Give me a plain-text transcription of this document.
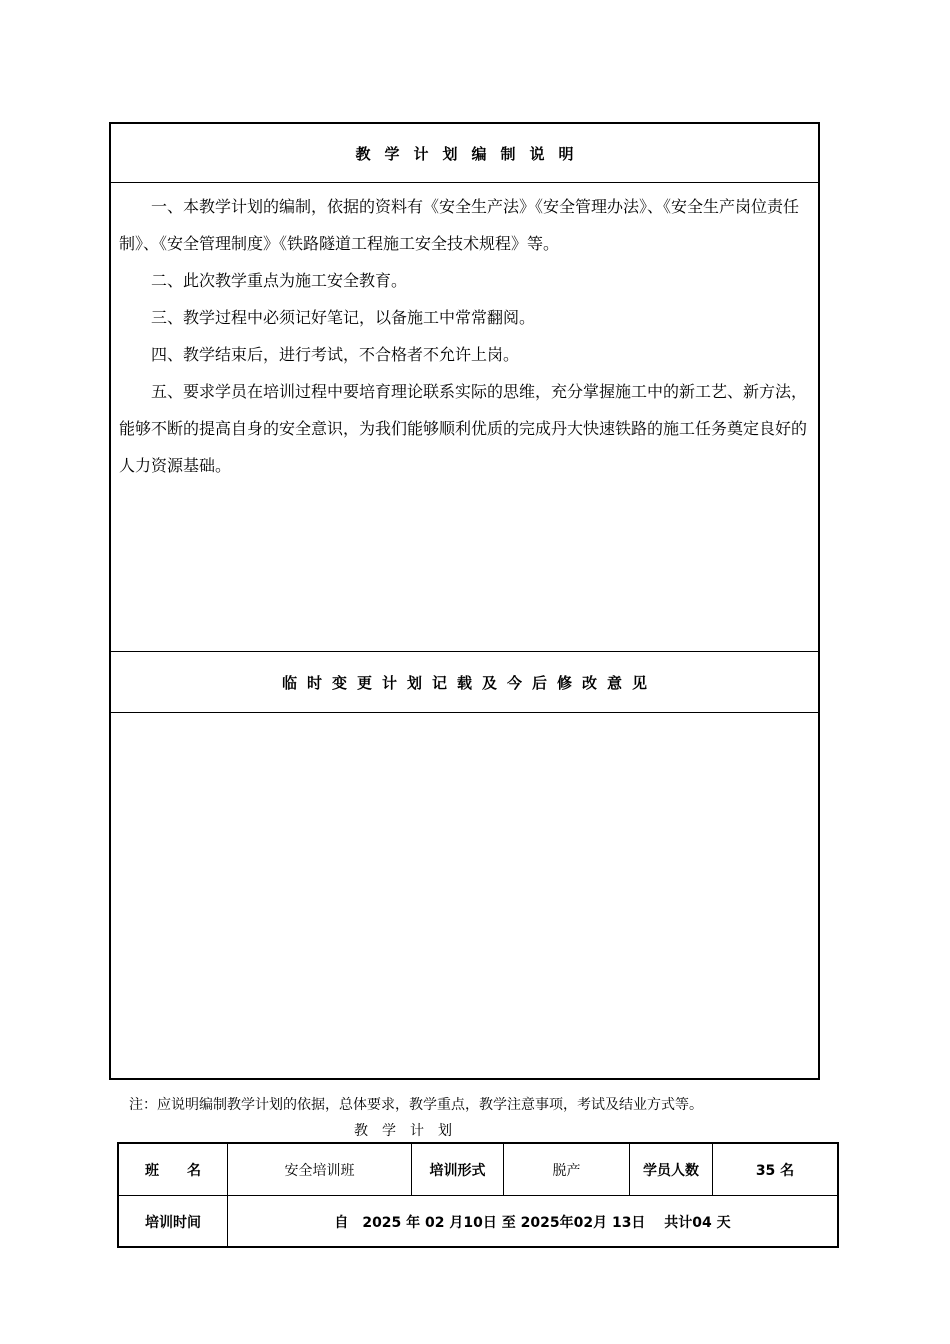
教学计划编制说明

一、本教学计划的编制，依据的资料有《安全生产法》《安全管理办法》、《安全生产岗位责任制》、《安全管理制度》《铁路隧道工程施工安全技术规程》等。

二、此次教学重点为施工安全教育。

三、教学过程中必须记好笔记，以备施工中常常翻阅。

四、教学结束后，进行考试，不合格者不允许上岗。

五、要求学员在培训过程中要培育理论联系实际的思维，充分掌握施工中的新工艺、新方法，能够不断的提高自身的安全意识，为我们能够顺利优质的完成丹大快速铁路的施工任务奠定良好的人力资源基础。

临时变更计划记载及今后修改意见
注：应说明编制教学计划的依据，总体要求，教学重点，教学注意事项，考试及结业方式等。
教学计划
班　　名	安全培训班	培训形式	脱产	学员人数	35 名
培训时间	自　2025 年 02 月10日 至 2025年02月 13日　 共计04 天
